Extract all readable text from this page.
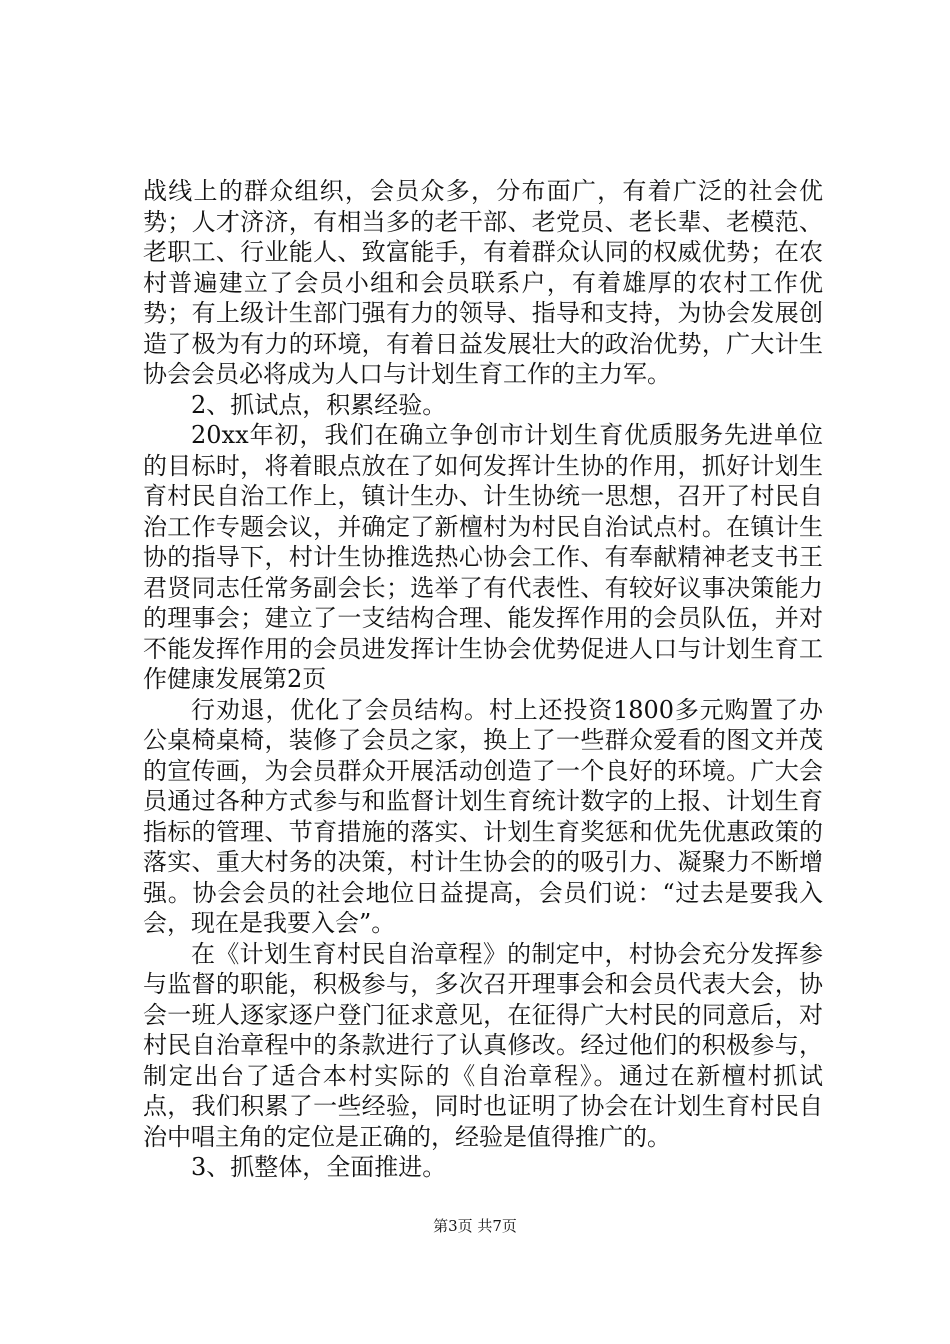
战线上的群众组织，会员众多，分布面广，有着广泛的社会优势；人才济济，有相当多的老干部、老党员、老长辈、老模范、老职工、行业能人、致富能手，有着群众认同的权威优势；在农村普遍建立了会员小组和会员联系户，有着雄厚的农村工作优势；有上级计生部门强有力的领导、指导和支持，为协会发展创造了极为有力的环境，有着日益发展壮大的政治优势，广大计生协会会员必将成为人口与计划生育工作的主力军。

2、抓试点，积累经验。

20xx年初，我们在确立争创市计划生育优质服务先进单位的目标时，将着眼点放在了如何发挥计生协的作用，抓好计划生育村民自治工作上，镇计生办、计生协统一思想，召开了村民自治工作专题会议，并确定了新檀村为村民自治试点村。在镇计生协的指导下，村计生协推选热心协会工作、有奉献精神老支书王君贤同志任常务副会长；选举了有代表性、有较好议事决策能力的理事会；建立了一支结构合理、能发挥作用的会员队伍，并对不能发挥作用的会员进发挥计生协会优势促进人口与计划生育工作健康发展第2页

行劝退，优化了会员结构。村上还投资1800多元购置了办公桌椅桌椅，装修了会员之家，换上了一些群众爱看的图文并茂的宣传画，为会员群众开展活动创造了一个良好的环境。广大会员通过各种方式参与和监督计划生育统计数字的上报、计划生育指标的管理、节育措施的落实、计划生育奖惩和优先优惠政策的落实、重大村务的决策，村计生协会的的吸引力、凝聚力不断增强。协会会员的社会地位日益提高，会员们说：“过去是要我入会，现在是我要入会”。

在《计划生育村民自治章程》的制定中，村协会充分发挥参与监督的职能，积极参与，多次召开理事会和会员代表大会，协会一班人逐家逐户登门征求意见，在征得广大村民的同意后，对村民自治章程中的条款进行了认真修改。经过他们的积极参与，制定出台了适合本村实际的《自治章程》。通过在新檀村抓试点，我们积累了一些经验，同时也证明了协会在计划生育村民自治中唱主角的定位是正确的，经验是值得推广的。

3、抓整体，全面推进。

第3页 共7页
